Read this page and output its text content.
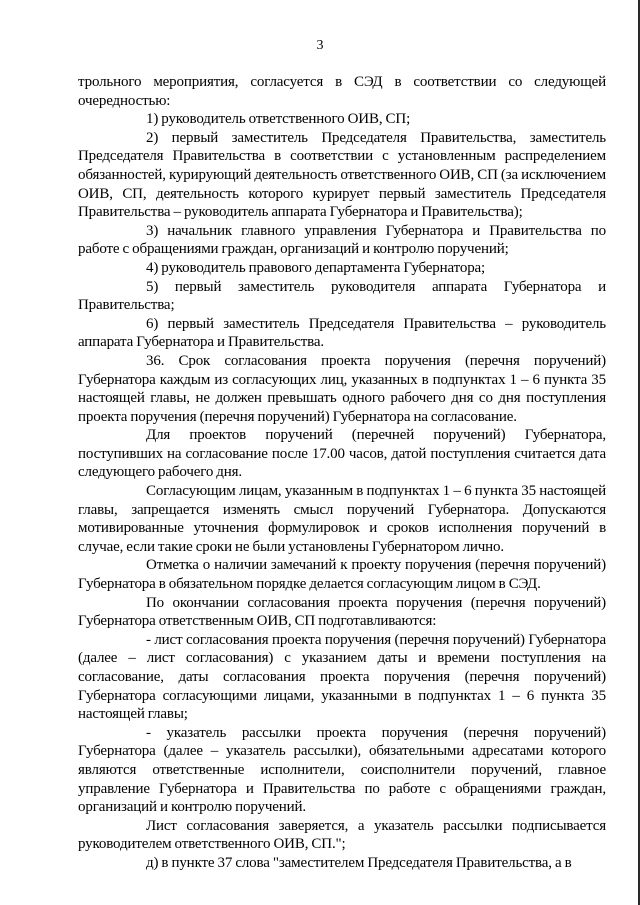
3

трольного мероприятия, согласуется в СЭД в соответствии со следующей очередностью:

1) руководитель ответственного ОИВ, СП;

2) первый заместитель Председателя Правительства, заместитель Председателя Правительства в соответствии с установленным распределением обязанностей, курирующий деятельность ответственного ОИВ, СП (за исключением ОИВ, СП, деятельность которого курирует первый заместитель Председателя Правительства – руководитель аппарата Губернатора и Правительства);

3) начальник главного управления Губернатора и Правительства по работе с обращениями граждан, организаций и контролю поручений;

4) руководитель правового департамента Губернатора;

5) первый заместитель руководителя аппарата Губернатора и Правительства;

6) первый заместитель Председателя Правительства – руководитель аппарата Губернатора и Правительства.

36. Срок согласования проекта поручения (перечня поручений) Губернатора каждым из согласующих лиц, указанных в подпунктах 1 – 6 пункта 35 настоящей главы, не должен превышать одного рабочего дня со дня поступления проекта поручения (перечня поручений) Губернатора на согласование.

Для проектов поручений (перечней поручений) Губернатора, поступивших на согласование после 17.00 часов, датой поступления считается дата следующего рабочего дня.

Согласующим лицам, указанным в подпунктах 1 – 6 пункта 35 настоящей главы, запрещается изменять смысл поручений Губернатора. Допускаются мотивированные уточнения формулировок и сроков исполнения поручений в случае, если такие сроки не были установлены Губернатором лично.

Отметка о наличии замечаний к проекту поручения (перечня поручений) Губернатора в обязательном порядке делается согласующим лицом в СЭД.

По окончании согласования проекта поручения (перечня поручений) Губернатора ответственным ОИВ, СП подготавливаются:

- лист согласования проекта поручения (перечня поручений) Губернатора (далее – лист согласования) с указанием даты и времени поступления на согласование, даты согласования проекта поручения (перечня поручений) Губернатора согласующими лицами, указанными в подпунктах 1 – 6 пункта 35 настоящей главы;

- указатель рассылки проекта поручения (перечня поручений) Губернатора (далее – указатель рассылки), обязательными адресатами которого являются ответственные исполнители, соисполнители поручений, главное управление Губернатора и Правительства по работе с обращениями граждан, организаций и контролю поручений.

Лист согласования заверяется, а указатель рассылки подписывается руководителем ответственного ОИВ, СП.";

д) в пункте 37 слова "заместителем Председателя Правительства, а в
